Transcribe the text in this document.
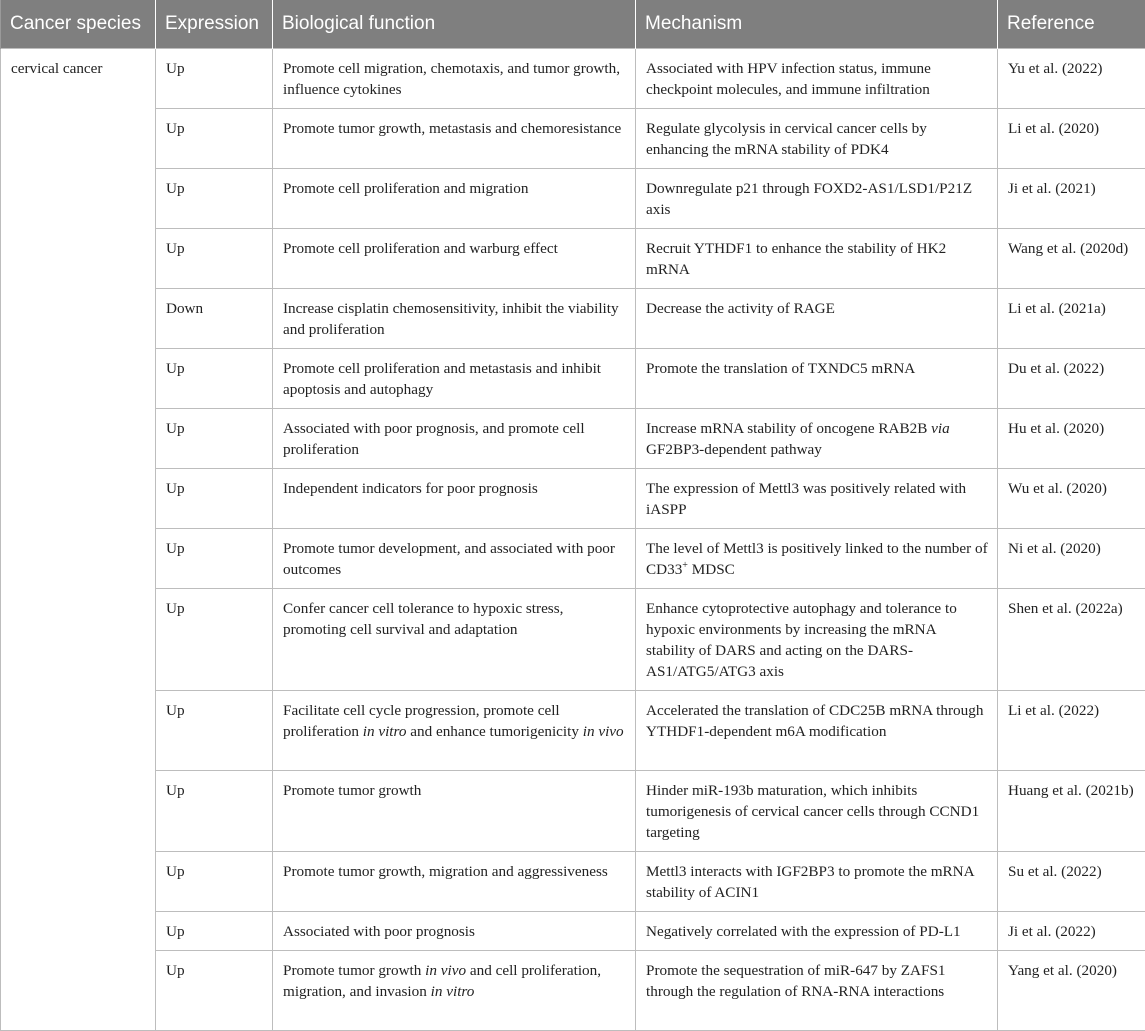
Cancer species	Expression	Biological function	Mechanism	Reference
cervical cancer	Up	Promote cell migration, chemotaxis, and tumor growth, influence cytokines	Associated with HPV infection status, immune checkpoint molecules, and immune infiltration	Yu et al. (2022)
	Up	Promote tumor growth, metastasis and chemoresistance	Regulate glycolysis in cervical cancer cells by enhancing the mRNA stability of PDK4	Li et al. (2020)
	Up	Promote cell proliferation and migration	Downregulate p21 through FOXD2-AS1/LSD1/P21Z axis	Ji et al. (2021)
	Up	Promote cell proliferation and warburg effect	Recruit YTHDF1 to enhance the stability of HK2 mRNA	Wang et al. (2020d)
	Down	Increase cisplatin chemosensitivity, inhibit the viability and proliferation	Decrease the activity of RAGE	Li et al. (2021a)
	Up	Promote cell proliferation and metastasis and inhibit apoptosis and autophagy	Promote the translation of TXNDC5 mRNA	Du et al. (2022)
	Up	Associated with poor prognosis, and promote cell proliferation	Increase mRNA stability of oncogene RAB2B via GF2BP3-dependent pathway	Hu et al. (2020)
	Up	Independent indicators for poor prognosis	The expression of Mettl3 was positively related with iASPP	Wu et al. (2020)
	Up	Promote tumor development, and associated with poor outcomes	The level of Mettl3 is positively linked to the number of CD33+ MDSC	Ni et al. (2020)
	Up	Confer cancer cell tolerance to hypoxic stress, promoting cell survival and adaptation	Enhance cytoprotective autophagy and tolerance to hypoxic environments by increasing the mRNA stability of DARS and acting on the DARS-AS1/ATG5/ATG3 axis	Shen et al. (2022a)
	Up	Facilitate cell cycle progression, promote cell proliferation in vitro and enhance tumorigenicity in vivo	Accelerated the translation of CDC25B mRNA through YTHDF1-dependent m6A modification	Li et al. (2022)
	Up	Promote tumor growth	Hinder miR-193b maturation, which inhibits tumorigenesis of cervical cancer cells through CCND1 targeting	Huang et al. (2021b)
	Up	Promote tumor growth, migration and aggressiveness	Mettl3 interacts with IGF2BP3 to promote the mRNA stability of ACIN1	Su et al. (2022)
	Up	Associated with poor prognosis	Negatively correlated with the expression of PD-L1	Ji et al. (2022)
	Up	Promote tumor growth in vivo and cell proliferation, migration, and invasion in vitro	Promote the sequestration of miR-647 by ZAFS1 through the regulation of RNA-RNA interactions	Yang et al. (2020)
